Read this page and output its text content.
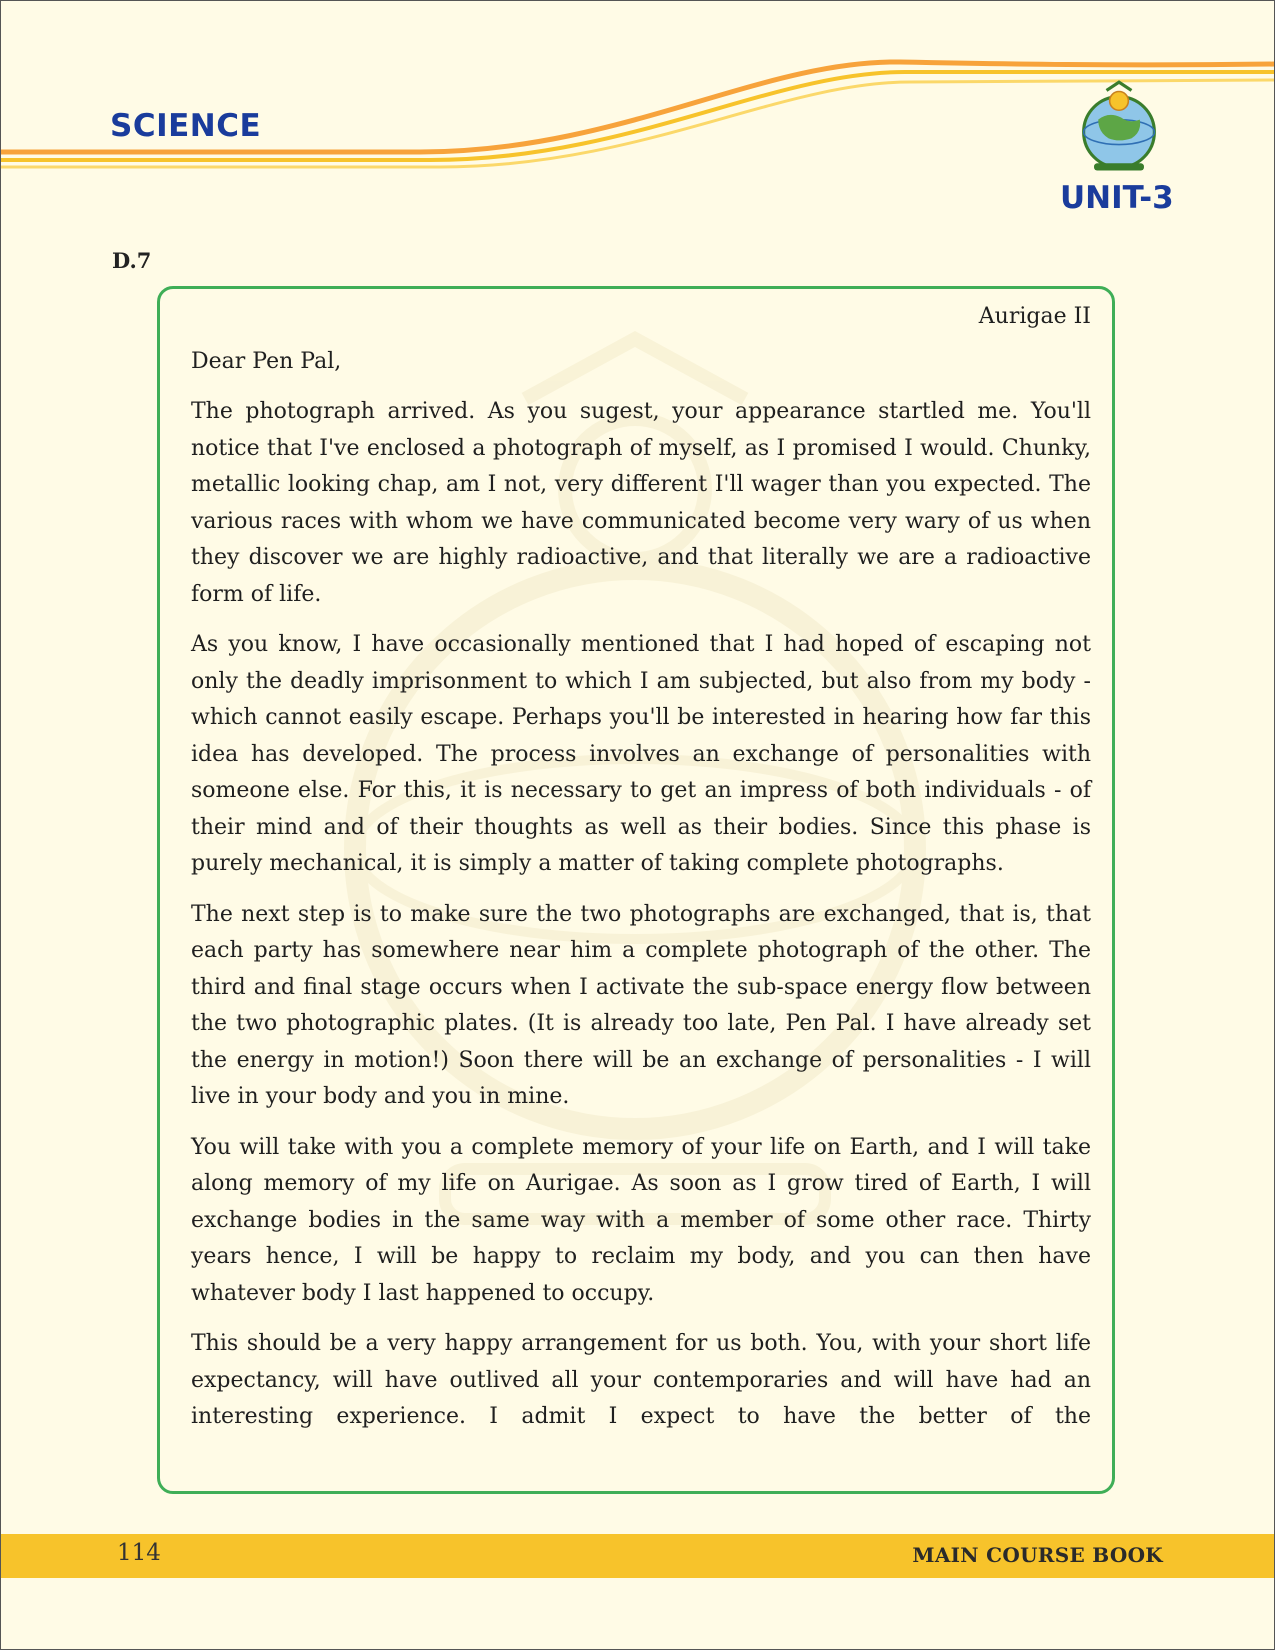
SCIENCE
UNIT-3
D.7
Aurigae II

Dear Pen Pal,

The photograph arrived. As you sugest, your appearance startled me. You'll notice that I've enclosed a photograph of myself, as I promised I would. Chunky, metallic looking chap, am I not, very different I'll wager than you expected. The various races with whom we have communicated become very wary of us when they discover we are highly radioactive, and that literally we are a radioactive form of life.

As you know, I have occasionally mentioned that I had hoped of escaping not only the deadly imprisonment to which I am subjected, but also from my body - which cannot easily escape. Perhaps you'll be interested in hearing how far this idea has developed. The process involves an exchange of personalities with someone else. For this, it is necessary to get an impress of both individuals - of their mind and of their thoughts as well as their bodies. Since this phase is purely mechanical, it is simply a matter of taking complete photographs.

The next step is to make sure the two photographs are exchanged, that is, that each party has somewhere near him a complete photograph of the other. The third and final stage occurs when I activate the sub-space energy flow between the two photographic plates. (It is already too late, Pen Pal. I have already set the energy in motion!) Soon there will be an exchange of personalities - I will live in your body and you in mine.

You will take with you a complete memory of your life on Earth, and I will take along memory of my life on Aurigae. As soon as I grow tired of Earth, I will exchange bodies in the same way with a member of some other race. Thirty years hence, I will be happy to reclaim my body, and you can then have whatever body I last happened to occupy.

This should be a very happy arrangement for us both. You, with your short life expectancy, will have outlived all your contemporaries and will have had an interesting experience. I admit I expect to have the better of the

114	MAIN COURSE BOOK
